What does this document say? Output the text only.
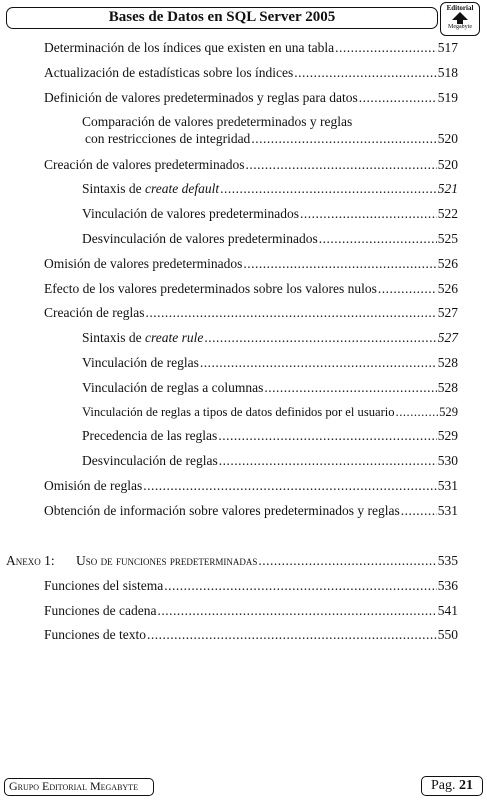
Bases de Datos en SQL Server 2005
Editorial
Megabyte
Determinación de los índices que existen en una tabla .....	517
Actualización de estadísticas sobre los índices .....	518
Definición de valores predeterminados y reglas para datos .....	519
Comparación de valores predeterminados y reglas
con restricciones de integridad .....	520
Creación de valores predeterminados .....	520
Sintaxis de create default .....	521
Vinculación de valores predeterminados .....	522
Desvinculación de valores predeterminados .....	525
Omisión de valores predeterminados .....	526
Efecto de los valores predeterminados sobre los valores nulos .....	526
Creación de reglas .....	527
Sintaxis de create rule .....	527
Vinculación de reglas .....	528
Vinculación de reglas a columnas .....	528
Vinculación de reglas a tipos de datos definidos por el usuario .....	529
Precedencia de las reglas .....	529
Desvinculación de reglas .....	530
Omisión de reglas .....	531
Obtención de información sobre valores predeterminados y reglas .....	531
Anexo 1: Uso de funciones predeterminadas .....	535
Funciones del sistema .....	536
Funciones de cadena .....	541
Funciones de texto .....	550
Grupo Editorial Megabyte	Pag. 21
